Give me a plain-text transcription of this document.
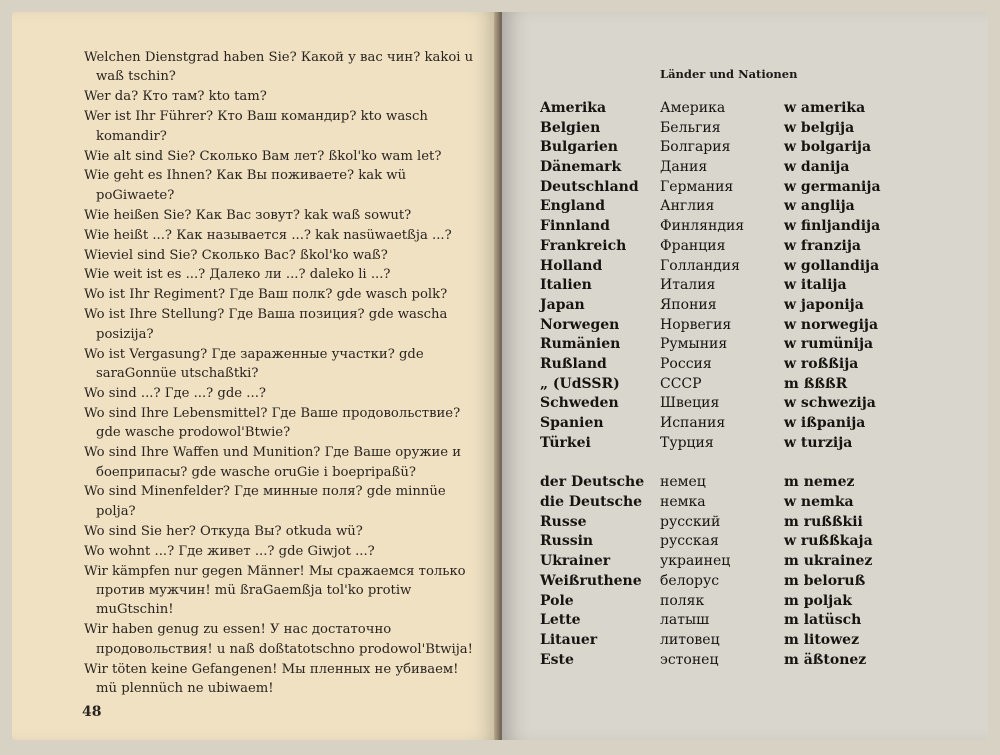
Welchen Dienstgrad haben Sie? Какой у вас чин? kakoi u waß tschin?
Wer da? Кто там? kto tam?
Wer ist Ihr Führer? Кто Ваш командир? kto wasch komandir?
Wie alt sind Sie? Сколько Вам лет? ßkol'ko wam let?
Wie geht es Ihnen? Как Вы поживаете? kak wü poGiwaete?
Wie heißen Sie? Как Вас зовут? kak waß sowut?
Wie heißt ...? Как называется ...? kak nasüwaetßja ...?
Wieviel sind Sie? Сколько Вас? ßkol'ko waß?
Wie weit ist es ...? Далеко ли ...? daleko li ...?
Wo ist Ihr Regiment? Где Ваш полк? gde wasch polk?
Wo ist Ihre Stellung? Где Ваша позиция? gde wascha posizija?
Wo ist Vergasung? Где зараженные участки? gde saraGonnüe utschaßtki?
Wo sind ...? Где ...? gde ...?
Wo sind Ihre Lebensmittel? Где Ваше продовольствие? gde wasche prodowol'Btwie?
Wo sind Ihre Waffen und Munition? Где Ваше оружие и боеприпасы? gde wasche oruGie i boepripaßü?
Wo sind Minenfelder? Где минные поля? gde minnüe polja?
Wo sind Sie her? Откуда Вы? otkuda wü?
Wo wohnt ...? Где живет ...? gde Giwjot ...?
Wir kämpfen nur gegen Männer! Мы сражаемся только против мужчин! mü ßraGaemßja tol'ko protiw muGtschin!
Wir haben genug zu essen! У нас достаточно продовольствия! u naß doßtatotschno prodowol'Btwija!
Wir töten keine Gefangenen! Мы пленных не убиваем! mü plennüch ne ubiwaem!
48
Länder und Nationen
Amerika	Америка	w amerika
Belgien	Бельгия	w belgija
Bulgarien	Болгария	w bolgarija
Dänemark	Дания	w danija
Deutschland Германия	w germanija
England	Англия	w anglija
Finnland	Финляндия	w finljandija
Frankreich Франция	w franzija
Holland	Голландия	w gollandija
Italien	Италия	w italija
Japan	Япония	w japonija
Norwegen	Норвегия	w norwegija
Rumänien	Румыния	w rumünija
Rußland	Россия	w roßßija
„ (UdSSR)	СССР	m ßßßR
Schweden	Швеция	w schwezija
Spanien	Испания	w ißpanija
Türkei	Турция	w turzija
der Deutsche немец	m nemez
die Deutsche немка	w nemka
Russe	русский	m rußßkii
Russin	русская	w rußßkaja
Ukrainer	украинец	m ukrainez
Weißruthene белорус	m beloruß
Pole	поляк	m poljak
Lette	латыш	m latüsch
Litauer	литовец	m litowez
Este	эстонец	m äßtonez
